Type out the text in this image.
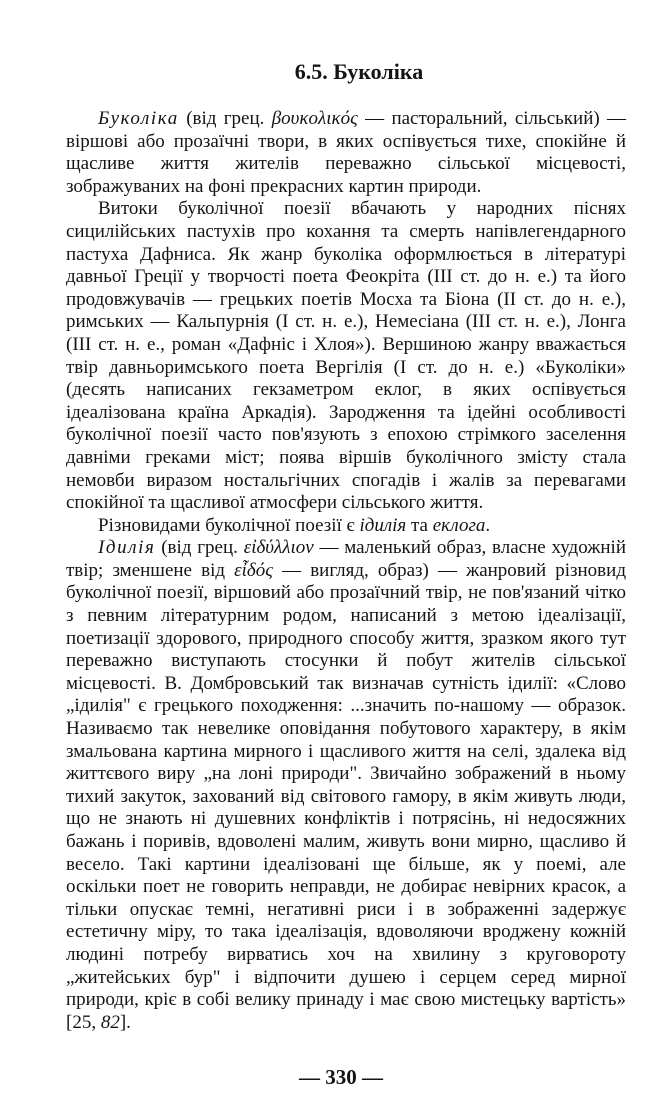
6.5. Буколіка

Буколіка (від грец. βουκολικός — пасторальний, сільський) — віршові або прозаїчні твори, в яких оспівується тихе, спокійне й щасливе життя жителів переважно сільської місцевості, зображуваних на фоні прекрасних картин природи.

Витоки буколічної поезії вбачають у народних піснях сицилійських пастухів про кохання та смерть напівлегендарного пастуха Дафниса. Як жанр буколіка оформлюється в літературі давньої Греції у творчості поета Феокріта (III ст. до н. е.) та його продовжувачів — грецьких поетів Мосха та Біона (II ст. до н. е.), римських — Кальпурнія (I ст. н. е.), Немесіана (III ст. н. е.), Лонга (III ст. н. е., роман «Дафніс і Хлоя»). Вершиною жанру вважається твір давньоримського поета Вергілія (I ст. до н. е.) «Буколіки» (десять написаних гекзаметром еклог, в яких оспівується ідеалізована країна Аркадія). Зародження та ідейні особливості буколічної поезії часто пов'язують з епохою стрімкого заселення давніми греками міст; поява віршів буколічного змісту стала немовби виразом ностальгічних спогадів і жалів за перевагами спокійної та щасливої атмосфери сільського життя.

Різновидами буколічної поезії є ідилія та еклога.

Ідилія (від грец. εἰδύλλιον — маленький образ, власне художній твір; зменшене від εἶδός — вигляд, образ) — жанровий різновид буколічної поезії, віршовий або прозаїчний твір, не пов'язаний чітко з певним літературним родом, написаний з метою ідеалізації, поетизації здорового, природного способу життя, зразком якого тут переважно виступають стосунки й побут жителів сільської місцевості. В. Домбровський так визначав сутність ідилії: «Слово „ідилія" є грецького походження: ...значить по-нашому — образок. Називаємо так невелике оповідання побутового характеру, в якім змальована картина мирного і щасливого життя на селі, здалека від життєвого виру „на лоні природи". Звичайно зображений в ньому тихий закуток, захований від світового гамору, в якім живуть люди, що не знають ні душевних конфліктів і потрясінь, ні недосяжних бажань і поривів, вдоволені малим, живуть вони мирно, щасливо й весело. Такі картини ідеалізовані ще більше, як у поемі, але оскільки поет не говорить неправди, не добирає невірних красок, а тільки опускає темні, негативні риси і в зображенні задержує естетичну міру, то така ідеалізація, вдоволяючи вроджену кожній людині потребу вирватись хоч на хвилину з круговороту „житейських бур" і відпочити душею і серцем серед мирної природи, кріє в собі велику принаду і має свою мистецьку вартість» [25, 82].

— 330 —
